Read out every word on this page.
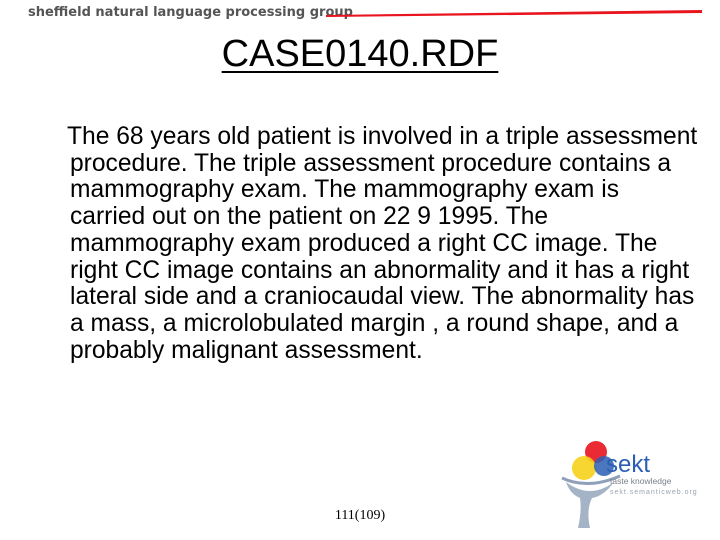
sheffield natural language processing group
CASE0140.RDF

The 68 years old patient is involved in a triple assessment procedure. The triple assessment procedure contains a mammography exam. The mammography exam is carried out on the patient on 22 9 1995. The mammography exam produced a right CC image. The right CC image contains an abnormality and it has a right lateral side and a craniocaudal view. The abnormality has a mass, a microlobulated margin , a round shape, and a probably malignant assessment.

111(109)
sekt
taste knowledge
sekt.semanticweb.org
